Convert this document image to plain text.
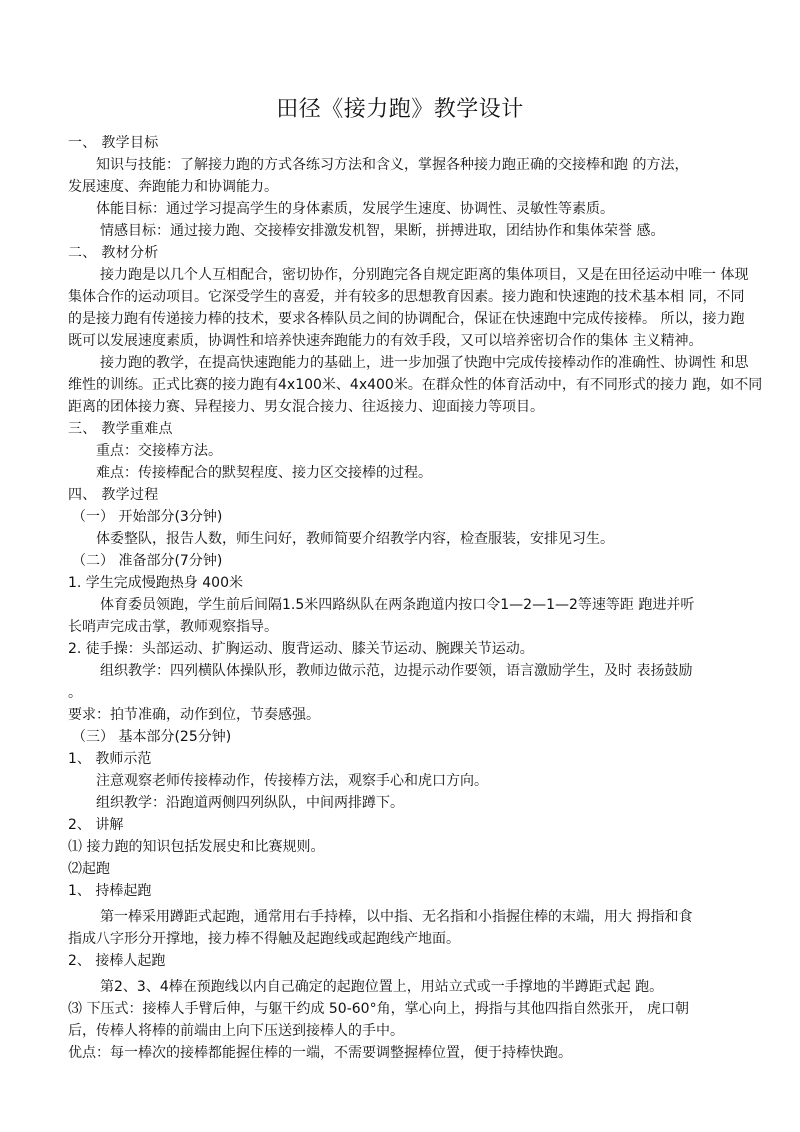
田径《接力跑》教学设计
一、 教学目标
知识与技能：了解接力跑的方式各练习方法和含义，掌握各种接力跑正确的交接棒和跑 的方法，
发展速度、奔跑能力和协调能力。
体能目标：通过学习提高学生的身体素质，发展学生速度、协调性、灵敏性等素质。
情感目标：通过接力跑、交接棒安排激发机智，果断，拼搏进取，团结协作和集体荣誉 感。
二、 教材分析
接力跑是以几个人互相配合，密切协作，分别跑完各自规定距离的集体项目，又是在田径运动中唯一 体现
集体合作的运动项目。它深受学生的喜爱，并有较多的思想教育因素。接力跑和快速跑的技术基本相 同，不同
的是接力跑有传递接力棒的技术，要求各棒队员之间的协调配合，保证在快速跑中完成传接棒。 所以，接力跑
既可以发展速度素质，协调性和培养快速奔跑能力的有效手段，又可以培养密切合作的集体 主义精神。
接力跑的教学，在提高快速跑能力的基础上，进一步加强了快跑中完成传接棒动作的准确性、协调性 和思
维性的训练。正式比赛的接力跑有4x100米、4x400米。在群众性的体育活动中，有不同形式的接力 跑，如不同
距离的团体接力赛、异程接力、男女混合接力、往返接力、迎面接力等项目。
三、 教学重难点
重点：交接棒方法。
难点：传接棒配合的默契程度、接力区交接棒的过程。
四、 教学过程
（一） 开始部分(3分钟)
体委整队，报告人数，师生问好，教师简要介绍教学内容，检查服装，安排见习生。
（二） 准备部分(7分钟)
1. 学生完成慢跑热身 400米
体育委员领跑，学生前后间隔1.5米四路纵队在两条跑道内按口令1—2—1—2等速等距 跑进并听
长哨声完成击掌，教师观察指导。
2. 徒手操：头部运动、扩胸运动、腹背运动、膝关节运动、腕踝关节运动。
组织教学：四列横队体操队形，教师边做示范，边提示动作要领，语言激励学生，及时 表扬鼓励
。
要求：拍节准确，动作到位，节奏感强。
（三） 基本部分(25分钟)
1、 教师示范
注意观察老师传接棒动作，传接棒方法，观察手心和虎口方向。
组织教学：沿跑道两侧四列纵队，中间两排蹲下。
2、 讲解
⑴ 接力跑的知识包括发展史和比赛规则。
⑵起跑
1、 持棒起跑
第一棒采用蹲距式起跑，通常用右手持棒，以中指、无名指和小指握住棒的末端，用大 拇指和食
指成八字形分开撑地，接力棒不得触及起跑线或起跑线产地面。
2、 接棒人起跑
第2、3、4棒在预跑线以内自己确定的起跑位置上，用站立式或一手撑地的半蹲距式起 跑。
⑶ 下压式：接棒人手臂后伸，与躯干约成 50-60°角，掌心向上，拇指与其他四指自然张开， 虎口朝
后，传棒人将棒的前端由上向下压送到接棒人的手中。
优点：每一棒次的接棒都能握住棒的一端，不需要调整握棒位置，便于持棒快跑。
